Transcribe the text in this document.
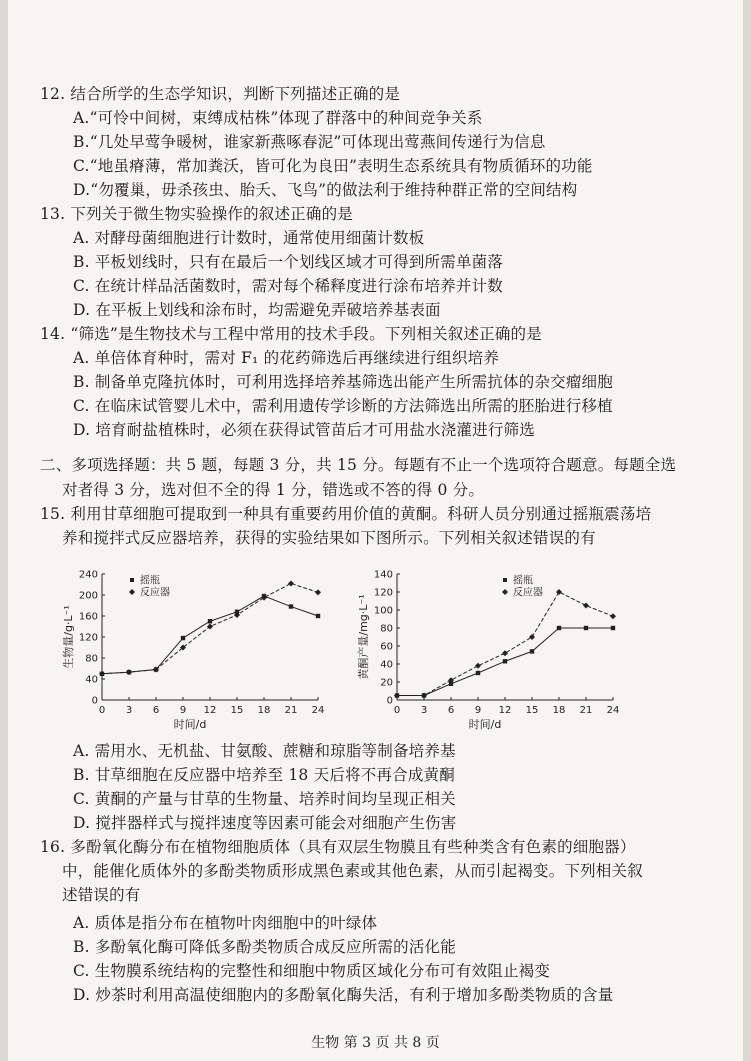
12. 结合所学的生态学知识，判断下列描述正确的是
A.“可怜中间树，束缚成枯株”体现了群落中的种间竞争关系
B.“几处早莺争暖树，谁家新燕啄春泥”可体现出莺燕间传递行为信息
C.“地虽瘠薄，常加粪沃，皆可化为良田”表明生态系统具有物质循环的功能
D.“勿覆巢，毋杀孩虫、胎夭、飞鸟”的做法利于维持种群正常的空间结构
13. 下列关于微生物实验操作的叙述正确的是
A. 对酵母菌细胞进行计数时，通常使用细菌计数板
B. 平板划线时，只有在最后一个划线区域才可得到所需单菌落
C. 在统计样品活菌数时，需对每个稀释度进行涂布培养并计数
D. 在平板上划线和涂布时，均需避免弄破培养基表面
14. “筛选”是生物技术与工程中常用的技术手段。下列相关叙述正确的是
A. 单倍体育种时，需对 F₁ 的花药筛选后再继续进行组织培养
B. 制备单克隆抗体时，可利用选择培养基筛选出能产生所需抗体的杂交瘤细胞
C. 在临床试管婴儿术中，需利用遗传学诊断的方法筛选出所需的胚胎进行移植
D. 培育耐盐植株时，必须在获得试管苗后才可用盐水浇灌进行筛选
二、多项选择题：共 5 题，每题 3 分，共 15 分。每题有不止一个选项符合题意。每题全选
对者得 3 分，选对但不全的得 1 分，错选或不答的得 0 分。
15. 利用甘草细胞可提取到一种具有重要药用价值的黄酮。科研人员分别通过摇瓶震荡培
养和搅拌式反应器培养，获得的实验结果如下图所示。下列相关叙述错误的有
0
40
80
120
160
200
240
0 3 6 9 12 15 18 21 24
时间/d
生物量/g·L⁻¹
摇瓶
反应器
0
20
40
60
80
100
120
140
0 3 6 9 12 15 18 21 24
时间/d
黄酮产量/mg·L⁻¹
摇瓶
反应器
A. 需用水、无机盐、甘氨酸、蔗糖和琼脂等制备培养基
B. 甘草细胞在反应器中培养至 18 天后将不再合成黄酮
C. 黄酮的产量与甘草的生物量、培养时间均呈现正相关
D. 搅拌器样式与搅拌速度等因素可能会对细胞产生伤害
16. 多酚氧化酶分布在植物细胞质体（具有双层生物膜且有些种类含有色素的细胞器）
中，能催化质体外的多酚类物质形成黑色素或其他色素，从而引起褐变。下列相关叙
述错误的有
A. 质体是指分布在植物叶肉细胞中的叶绿体
B. 多酚氧化酶可降低多酚类物质合成反应所需的活化能
C. 生物膜系统结构的完整性和细胞中物质区域化分布可有效阻止褐变
D. 炒茶时利用高温使细胞内的多酚氧化酶失活，有利于增加多酚类物质的含量
生物 第 3 页 共 8 页
